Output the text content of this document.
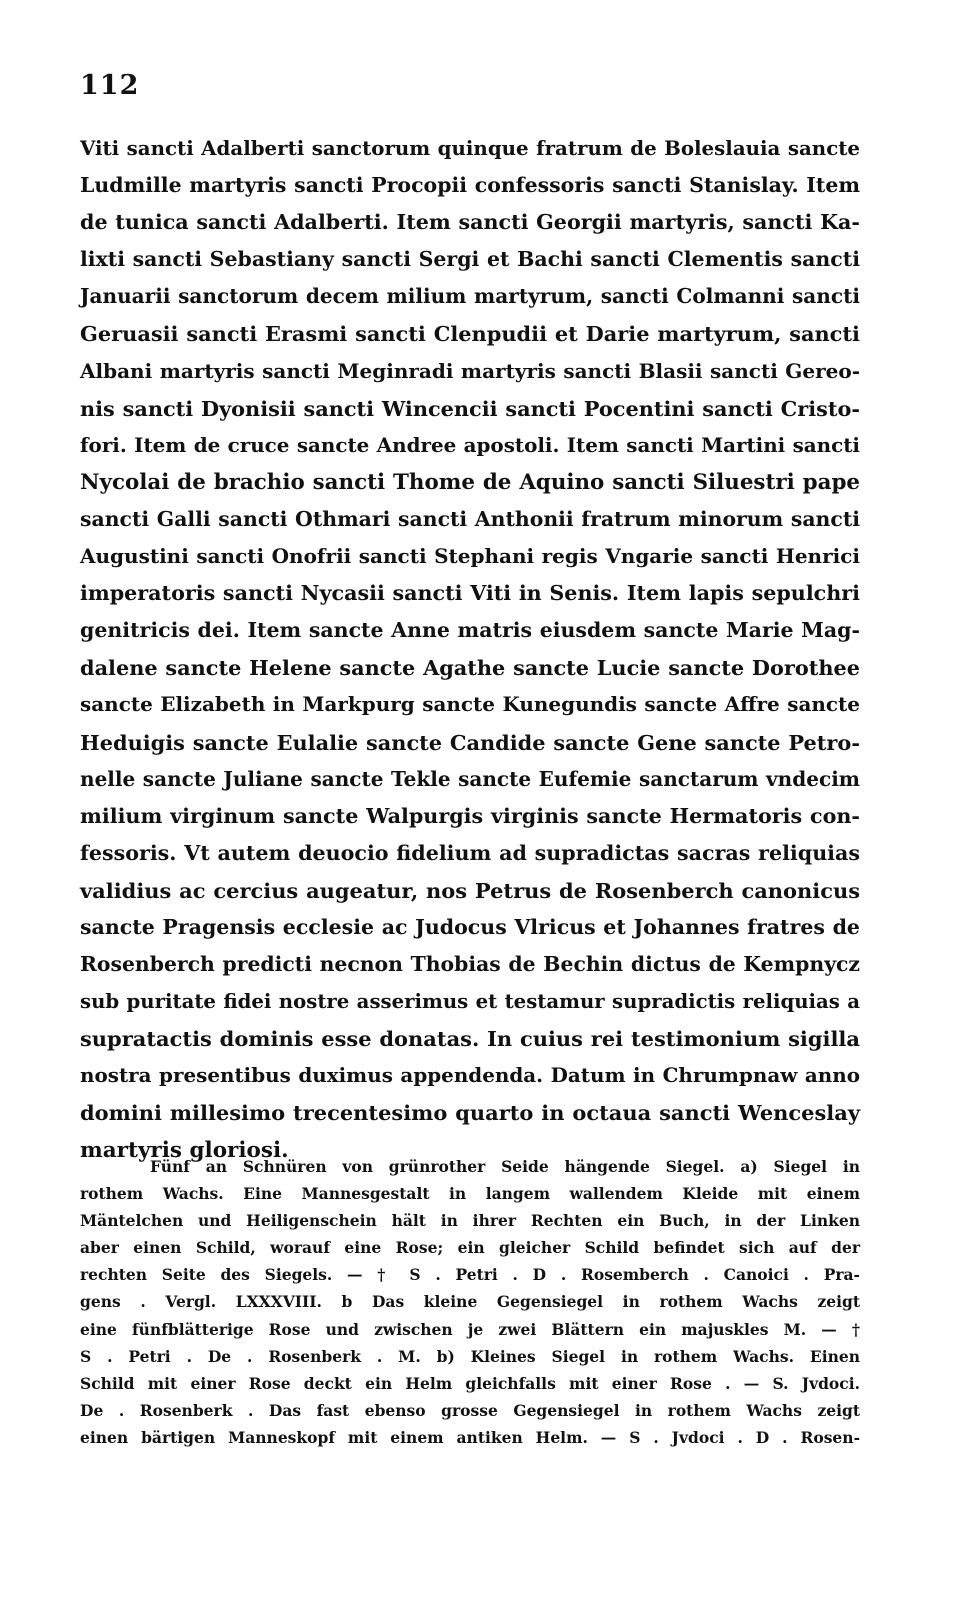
112
Viti sancti Adalberti sanctorum quinque fratrum de Boleslauia sancte
Ludmille martyris sancti Procopii confessoris sancti Stanislay. Item
de tunica sancti Adalberti. Item sancti Georgii martyris, sancti Ka-
lixti sancti Sebastiany sancti Sergi et Bachi sancti Clementis sancti
Januarii sanctorum decem milium martyrum, sancti Colmanni sancti
Geruasii sancti Erasmi sancti Clenpudii et Darie martyrum, sancti
Albani martyris sancti Meginradi martyris sancti Blasii sancti Gereo-
nis sancti Dyonisii sancti Wincencii sancti Pocentini sancti Cristo-
fori. Item de cruce sancte Andree apostoli. Item sancti Martini sancti
Nycolai de brachio sancti Thome de Aquino sancti Siluestri pape
sancti Galli sancti Othmari sancti Anthonii fratrum minorum sancti
Augustini sancti Onofrii sancti Stephani regis Vngarie sancti Henrici
imperatoris sancti Nycasii sancti Viti in Senis. Item lapis sepulchri
genitricis dei. Item sancte Anne matris eiusdem sancte Marie Mag-
dalene sancte Helene sancte Agathe sancte Lucie sancte Dorothee
sancte Elizabeth in Markpurg sancte Kunegundis sancte Affre sancte
Heduigis sancte Eulalie sancte Candide sancte Gene sancte Petro-
nelle sancte Juliane sancte Tekle sancte Eufemie sanctarum vndecim
milium virginum sancte Walpurgis virginis sancte Hermatoris con-
fessoris. Vt autem deuocio fidelium ad supradictas sacras reliquias
validius ac cercius augeatur, nos Petrus de Rosenberch canonicus
sancte Pragensis ecclesie ac Judocus Vlricus et Johannes fratres de
Rosenberch predicti necnon Thobias de Bechin dictus de Kempnycz
sub puritate fidei nostre asserimus et testamur supradictis reliquias a
supratactis dominis esse donatas. In cuius rei testimonium sigilla
nostra presentibus duximus appendenda. Datum in Chrumpnaw anno
domini millesimo trecentesimo quarto in octaua sancti Wenceslay
martyris gloriosi.
Fünf an Schnüren von grünrother Seide hängende Siegel. a) Siegel in
rothem Wachs. Eine Mannesgestalt in langem wallendem Kleide mit einem
Mäntelchen und Heiligenschein hält in ihrer Rechten ein Buch, in der Linken
aber einen Schild, worauf eine Rose; ein gleicher Schild befindet sich auf der
rechten Seite des Siegels. — † S . Petri . D . Rosemberch . Canoici . Pra-
gens . Vergl. LXXXVIII. b Das kleine Gegensiegel in rothem Wachs zeigt
eine fünfblätterige Rose und zwischen je zwei Blättern ein majuskles M. — †
S . Petri . De . Rosenberk . M. b) Kleines Siegel in rothem Wachs. Einen
Schild mit einer Rose deckt ein Helm gleichfalls mit einer Rose . — S. Jvdoci.
De . Rosenberk . Das fast ebenso grosse Gegensiegel in rothem Wachs zeigt
einen bärtigen Manneskopf mit einem antiken Helm. — S . Jvdoci . D . Rosen-
